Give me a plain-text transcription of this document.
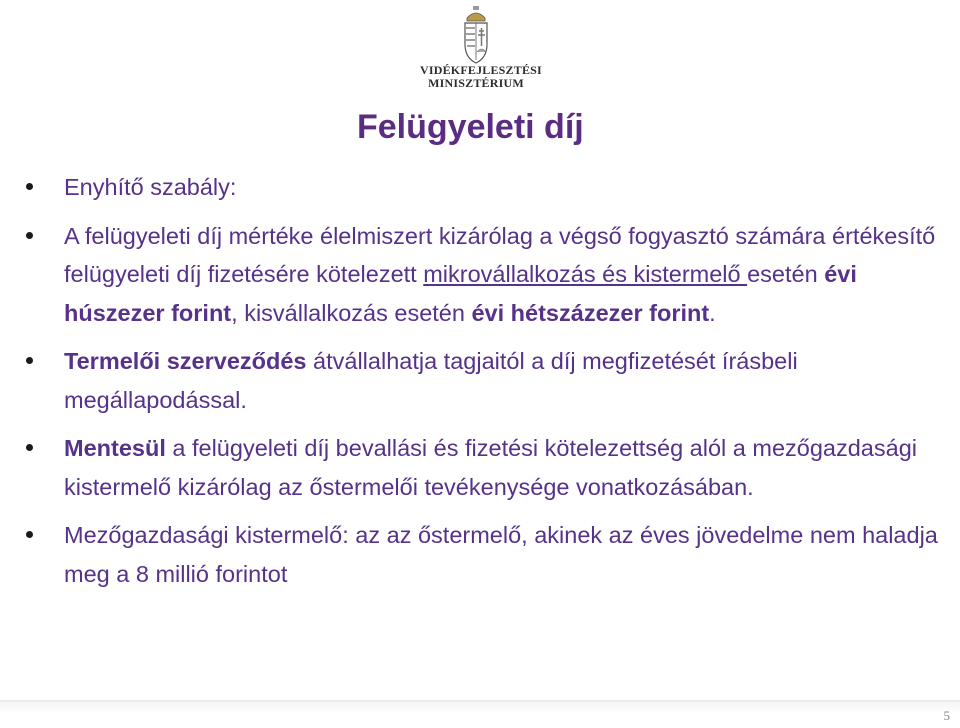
VIDÉKFEJLESZTÉSI
MINISZTÉRIUM
Felügyeleti díj
Enyhítő szabály:
A felügyeleti díj mértéke élelmiszert kizárólag a végső fogyasztó számára értékesítő felügyeleti díj fizetésére kötelezett mikrovállalkozás és kistermelő esetén évi húszezer forint, kisvállalkozás esetén évi hétszázezer forint.
Termelői szerveződés átvállalhatja tagjaitól a díj megfizetését írásbeli megállapodással.
Mentesül a felügyeleti díj bevallási és fizetési kötelezettség alól a mezőgazdasági kistermelő kizárólag az őstermelői tevékenysége vonatkozásában.
Mezőgazdasági kistermelő: az az őstermelő, akinek az éves jövedelme nem haladja meg a 8 millió forintot
5
